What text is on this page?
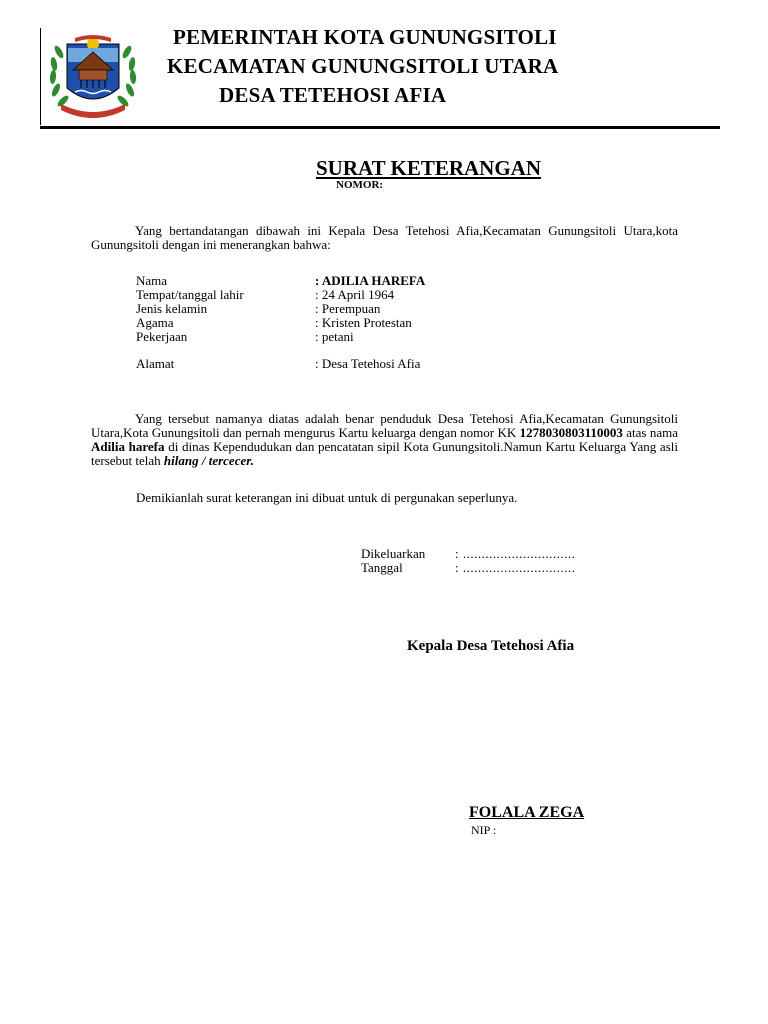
PEMERINTAH KOTA GUNUNGSITOLI
KECAMATAN GUNUNGSITOLI UTARA
DESA TETEHOSI AFIA
SURAT KETERANGAN
NOMOR:
Yang bertandatangan dibawah ini Kepala Desa Tetehosi Afia,Kecamatan Gunungsitoli Utara,kota Gunungsitoli dengan ini menerangkan bahwa:
Nama	: ADILIA HAREFA
Tempat/tanggal lahir	: 24 April 1964
Jenis kelamin	: Perempuan
Agama	: Kristen Protestan
Pekerjaan	: petani
Alamat	: Desa Tetehosi Afia
Yang tersebut namanya diatas adalah benar penduduk Desa Tetehosi Afia,Kecamatan Gunungsitoli Utara,Kota Gunungsitoli dan pernah mengurus Kartu keluarga dengan nomor KK 1278030803110003 atas nama Adilia harefa di dinas Kependudukan dan pencatatan sipil Kota Gunungsitoli.Namun Kartu Keluarga Yang asli tersebut telah hilang / tercecer.
Demikianlah surat keterangan ini dibuat untuk di pergunakan seperlunya.
Dikeluarkan : ..............................
Tanggal	: ..............................
Kepala Desa Tetehosi Afia
FOLALA ZEGA
NIP :
